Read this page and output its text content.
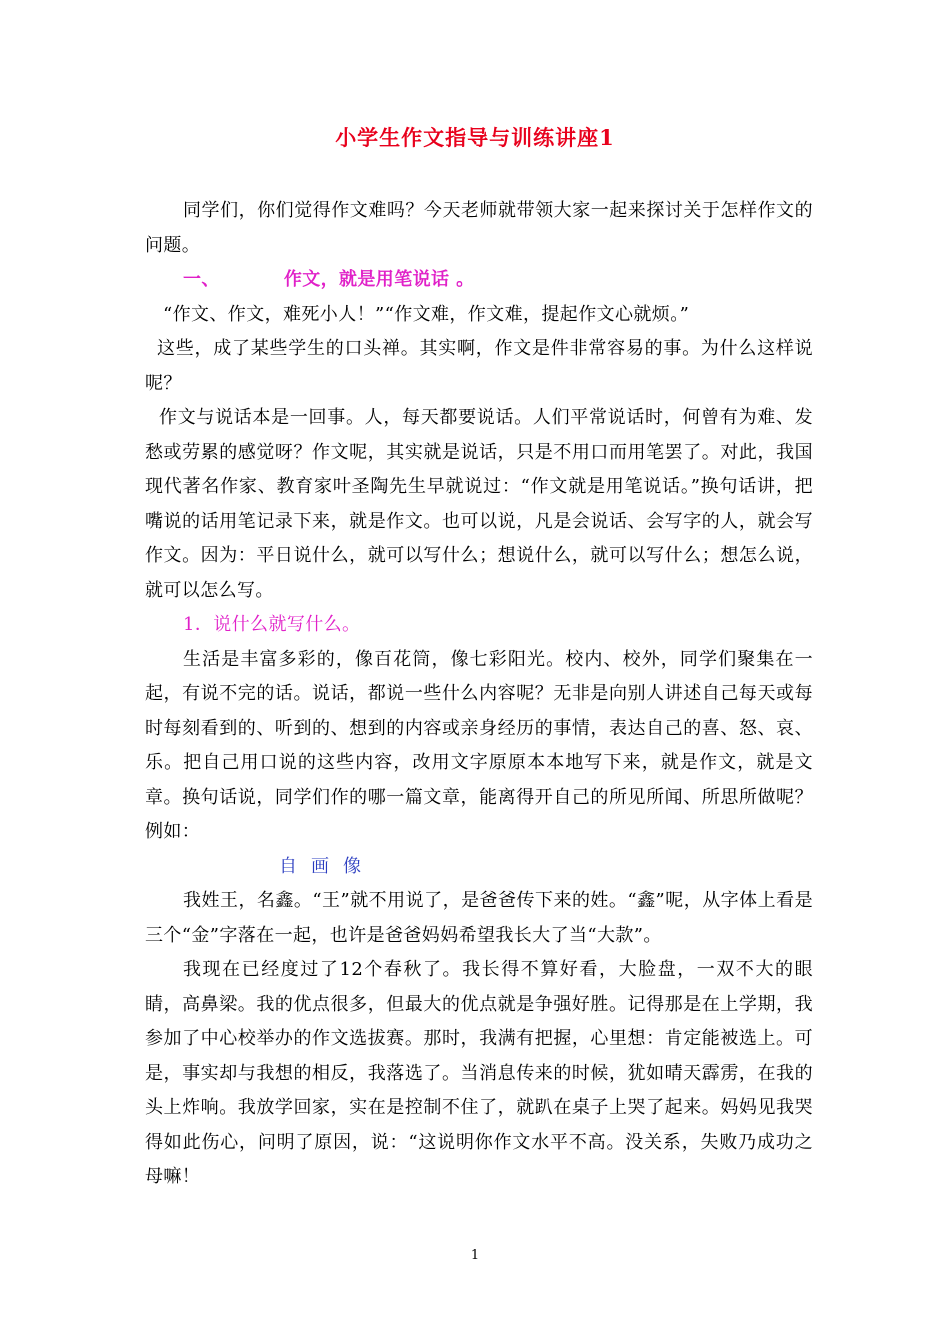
小学生作文指导与训练讲座1

同学们，你们觉得作文难吗？今天老师就带领大家一起来探讨关于怎样作文的问题。

一、	作文，就是用笔说话 。

“作文、作文，难死小人！”“作文难，作文难，提起作文心就烦。”

这些，成了某些学生的口头禅。其实啊，作文是件非常容易的事。为什么这样说呢？

作文与说话本是一回事。人，每天都要说话。人们平常说话时，何曾有为难、发愁或劳累的感觉呀？作文呢，其实就是说话，只是不用口而用笔罢了。对此，我国现代著名作家、教育家叶圣陶先生早就说过：“作文就是用笔说话。”换句话讲，把嘴说的话用笔记录下来，就是作文。也可以说，凡是会说话、会写字的人，就会写作文。因为：平日说什么，就可以写什么；想说什么，就可以写什么；想怎么说，就可以怎么写。

1．说什么就写什么。

生活是丰富多彩的，像百花筒，像七彩阳光。校内、校外，同学们聚集在一起，有说不完的话。说话，都说一些什么内容呢？无非是向别人讲述自己每天或每时每刻看到的、听到的、想到的内容或亲身经历的事情，表达自己的喜、怒、哀、乐。把自己用口说的这些内容，改用文字原原本本地写下来，就是作文，就是文章。换句话说，同学们作的哪一篇文章，能离得开自己的所见所闻、所思所做呢？例如：

自画像

我姓王，名鑫。“王”就不用说了，是爸爸传下来的姓。“鑫”呢，从字体上看是三个“金”字落在一起，也许是爸爸妈妈希望我长大了当“大款”。

我现在已经度过了12个春秋了。我长得不算好看，大脸盘，一双不大的眼睛，高鼻梁。我的优点很多，但最大的优点就是争强好胜。记得那是在上学期，我参加了中心校举办的作文选拔赛。那时，我满有把握，心里想：肯定能被选上。可是，事实却与我想的相反，我落选了。当消息传来的时候，犹如晴天霹雳，在我的头上炸响。我放学回家，实在是控制不住了，就趴在桌子上哭了起来。妈妈见我哭得如此伤心，问明了原因，说：“这说明你作文水平不高。没关系，失败乃成功之母嘛！

1
